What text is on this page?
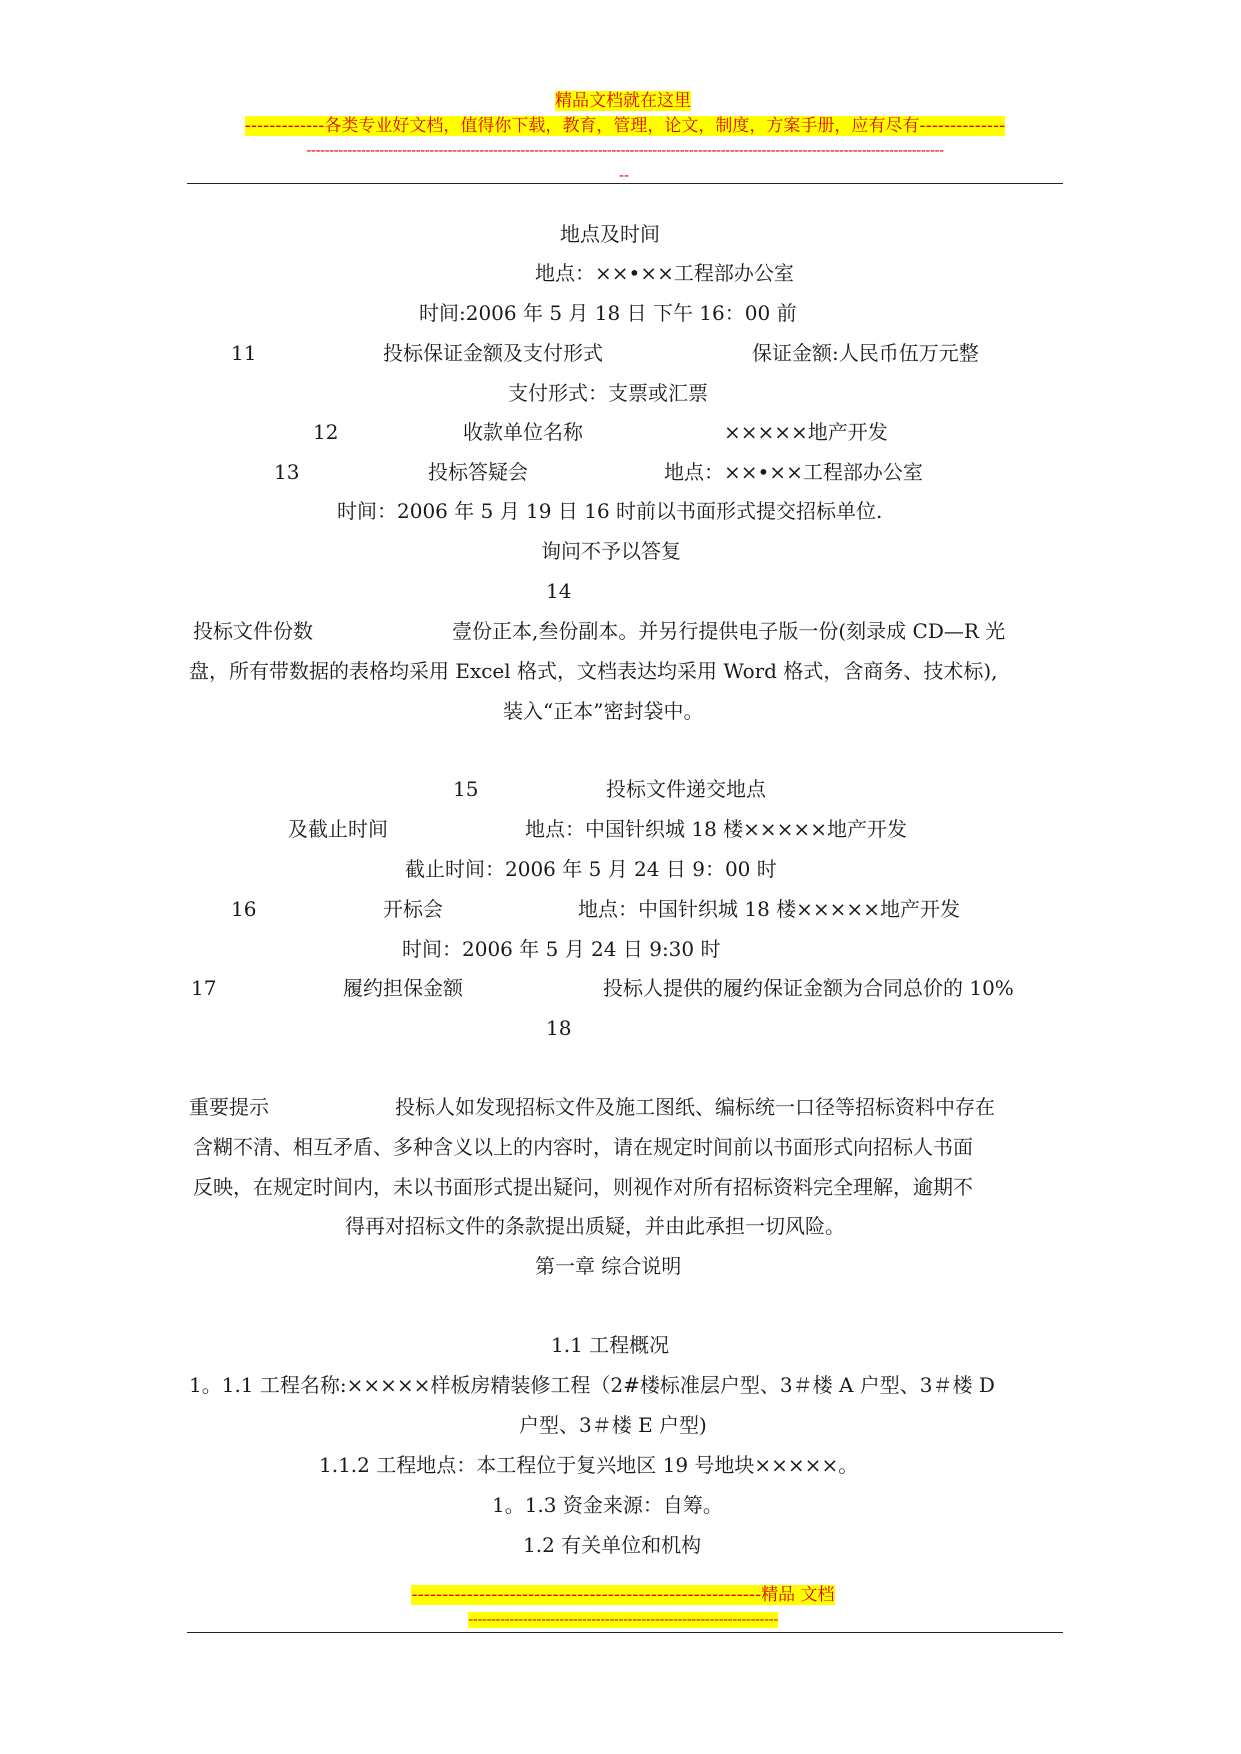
精品文档就在这里
-------------各类专业好文档，值得你下载，教育，管理，论文，制度，方案手册，应有尽有--------------
--------------------------------------------------------------------------------------------------------------------------------------------
--
地点及时间
地点：××•××工程部办公室
时间:2006 年 5 月 18 日 下午 16：00 前
11	投标保证金额及支付形式	保证金额:人民币伍万元整
支付形式：支票或汇票
12	收款单位名称	×××××地产开发
13	投标答疑会	地点：××•××工程部办公室
时间：2006 年 5 月 19 日 16 时前以书面形式提交招标单位.
询问不予以答复
14
投标文件份数	壹份正本,叁份副本。并另行提供电子版一份(刻录成 CD—R 光
盘，所有带数据的表格均采用 Excel 格式，文档表达均采用 Word 格式，含商务、技术标),
装入“正本”密封袋中。
15	投标文件递交地点
及截止时间	地点：中国针织城 18 楼×××××地产开发
截止时间：2006 年 5 月 24 日 9：00 时
16	开标会	地点：中国针织城 18 楼×××××地产开发
时间：2006 年 5 月 24 日 9:30 时
17	履约担保金额	投标人提供的履约保证金额为合同总价的 10%
18
重要提示	投标人如发现招标文件及施工图纸、编标统一口径等招标资料中存在
含糊不清、相互矛盾、多种含义以上的内容时，请在规定时间前以书面形式向招标人书面
反映，在规定时间内，未以书面形式提出疑问，则视作对所有招标资料完全理解，逾期不
得再对招标文件的条款提出质疑，并由此承担一切风险。
第一章 综合说明
1.1 工程概况
1。1.1 工程名称:×××××样板房精装修工程（2#楼标准层户型、3＃楼 A 户型、3＃楼 D
户型、3＃楼 E 户型)
1.1.2 工程地点：本工程位于复兴地区 19 号地块×××××。
1。1.3 资金来源：自筹。
1.2 有关单位和机构
---------------------------------------------------------精品 文档
--------------------------------------------------------------------
